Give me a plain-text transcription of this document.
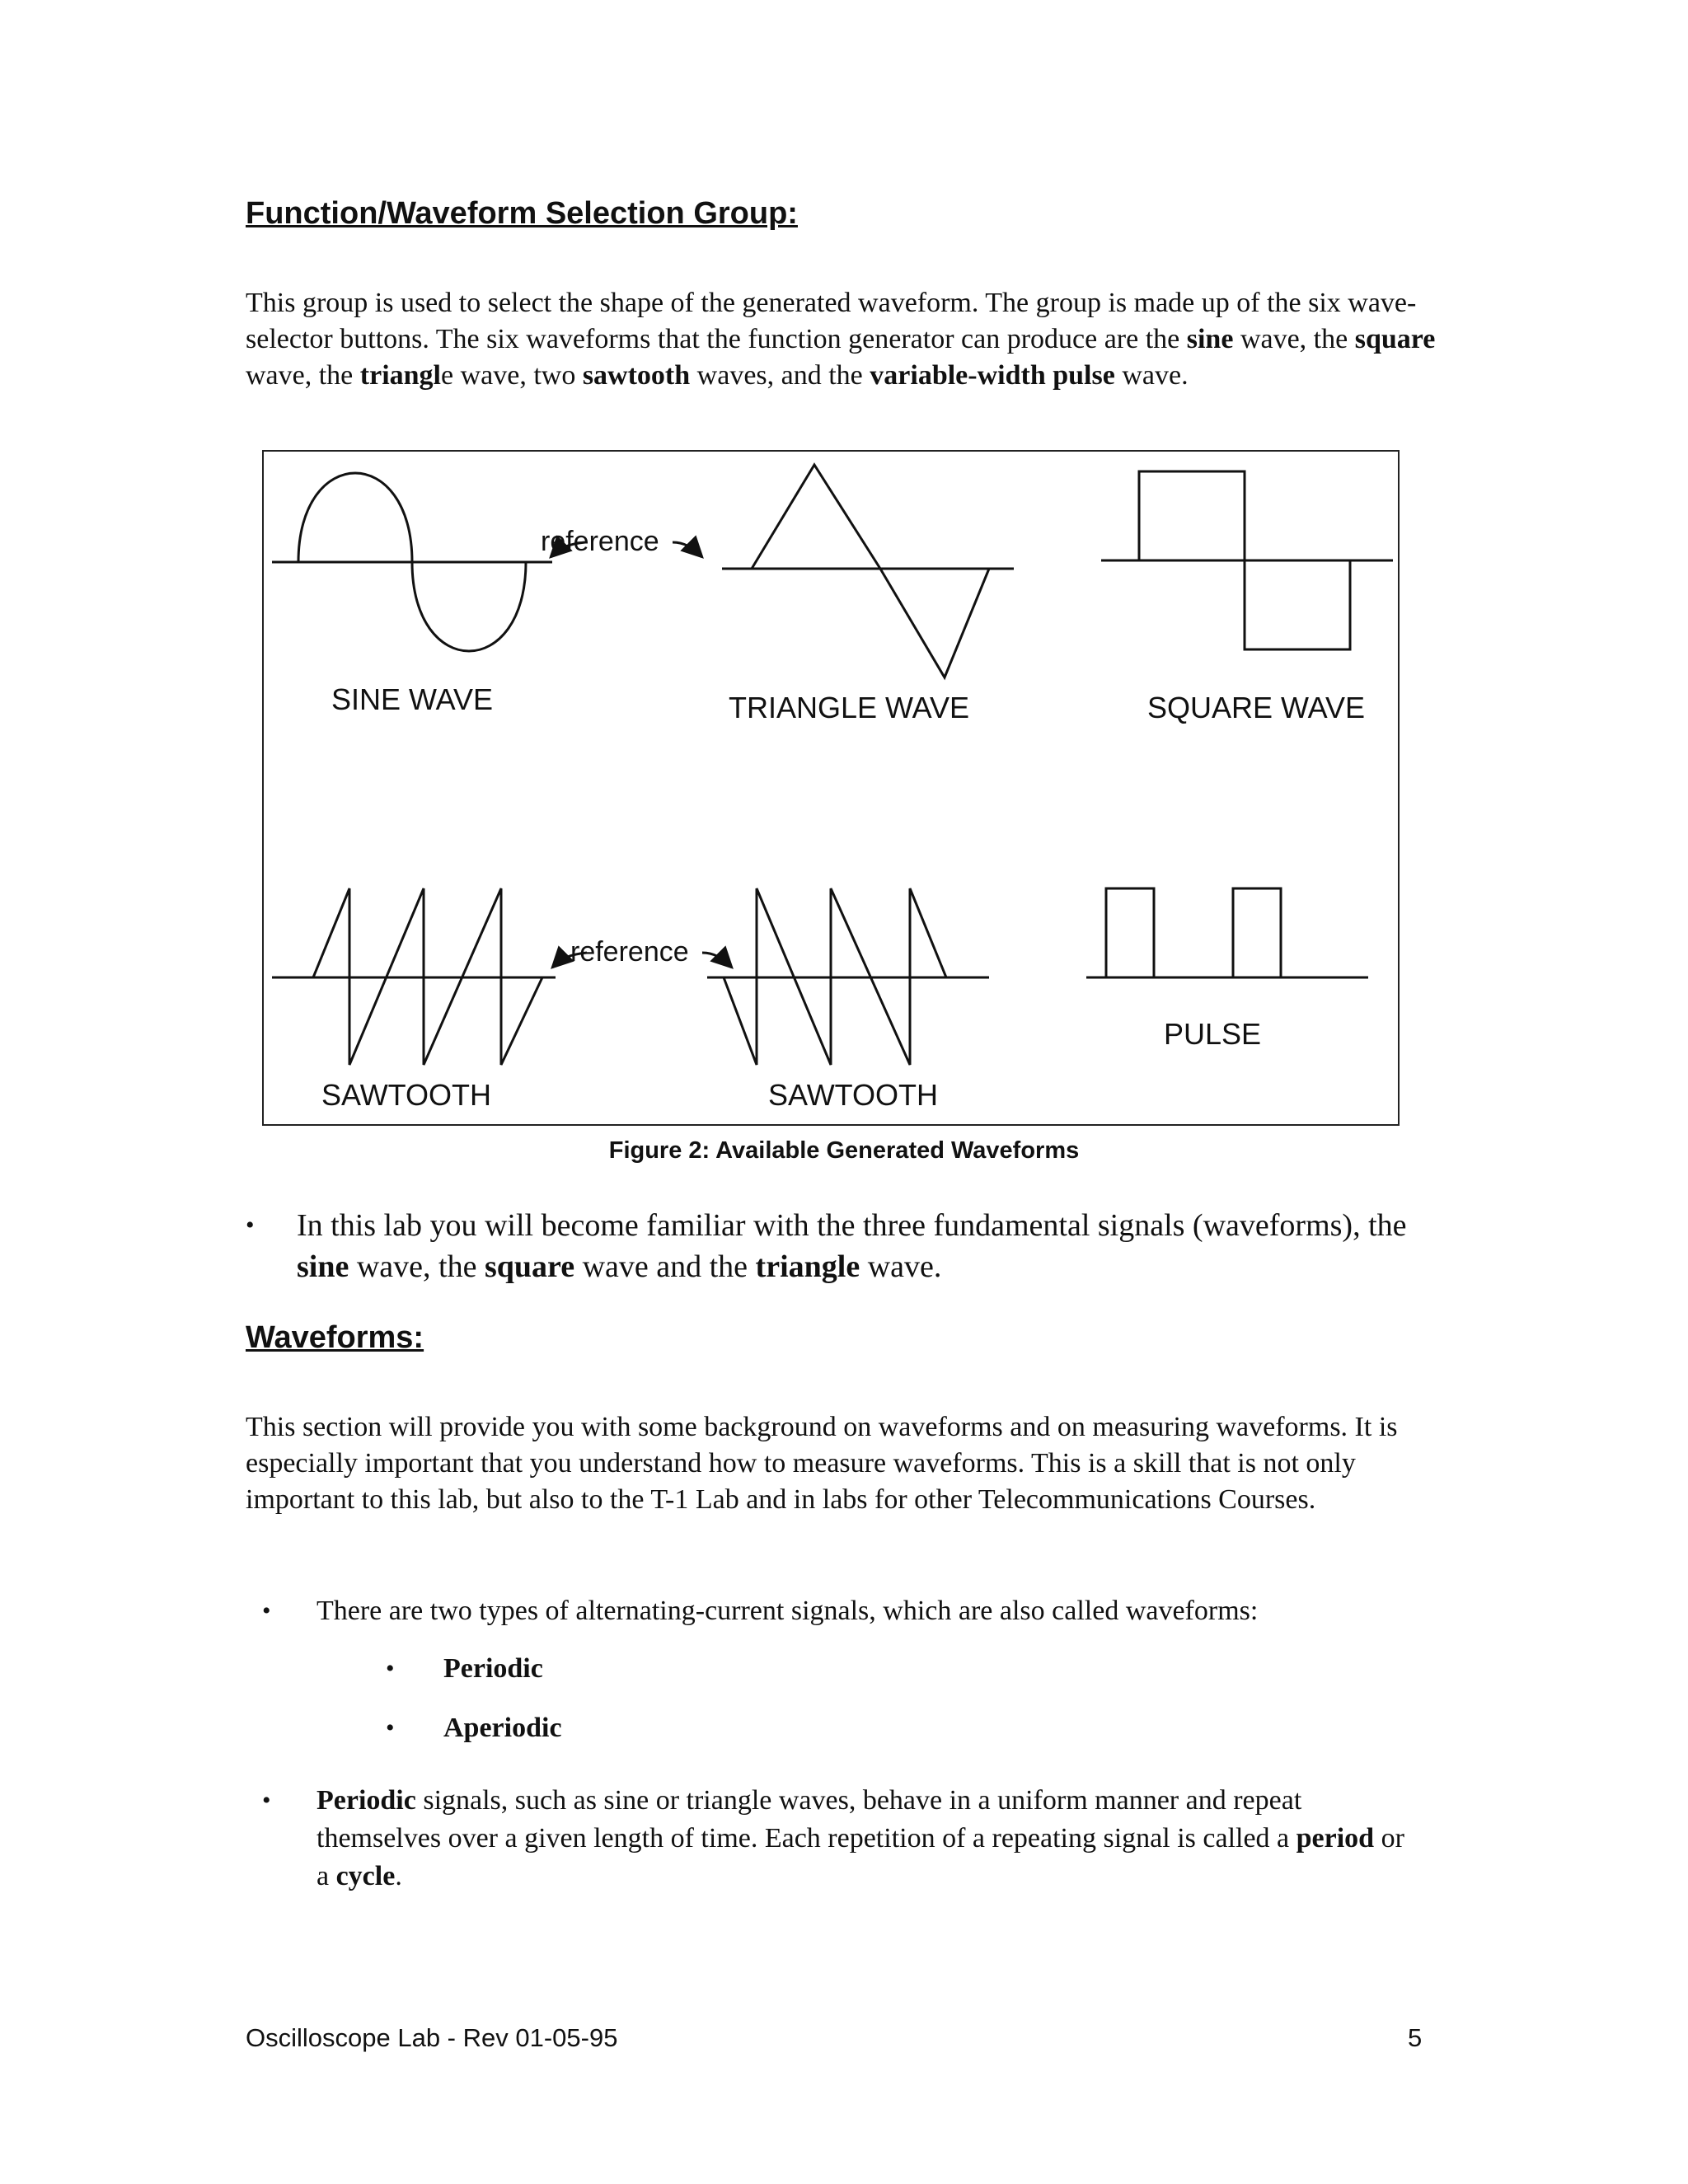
Function/Waveform Selection Group:

This group is used to select the shape of the generated waveform. The group is made up of the six wave-selector buttons. The six waveforms that the function generator can produce are the sine wave, the square wave, the triangle wave, two sawtooth waves, and the variable-width pulse wave.

reference
reference
SINE WAVE	TRIANGLE WAVE	SQUARE WAVE
SAWTOOTH	SAWTOOTH
PULSE
Figure 2: Available Generated Waveforms
• In this lab you will become familiar with the three fundamental signals (waveforms), the sine wave, the square wave and the triangle wave.
Waveforms:

This section will provide you with some background on waveforms and on measuring waveforms. It is especially important that you understand how to measure waveforms. This is a skill that is not only important to this lab, but also to the T-1 Lab and in labs for other Telecommunications Courses.

• There are two types of alternating-current signals, which are also called waveforms:
• Periodic
• Aperiodic
• Periodic signals, such as sine or triangle waves, behave in a uniform manner and repeat themselves over a given length of time. Each repetition of a repeating signal is called a period or a cycle.
Oscilloscope Lab - Rev 01-05-95	5
